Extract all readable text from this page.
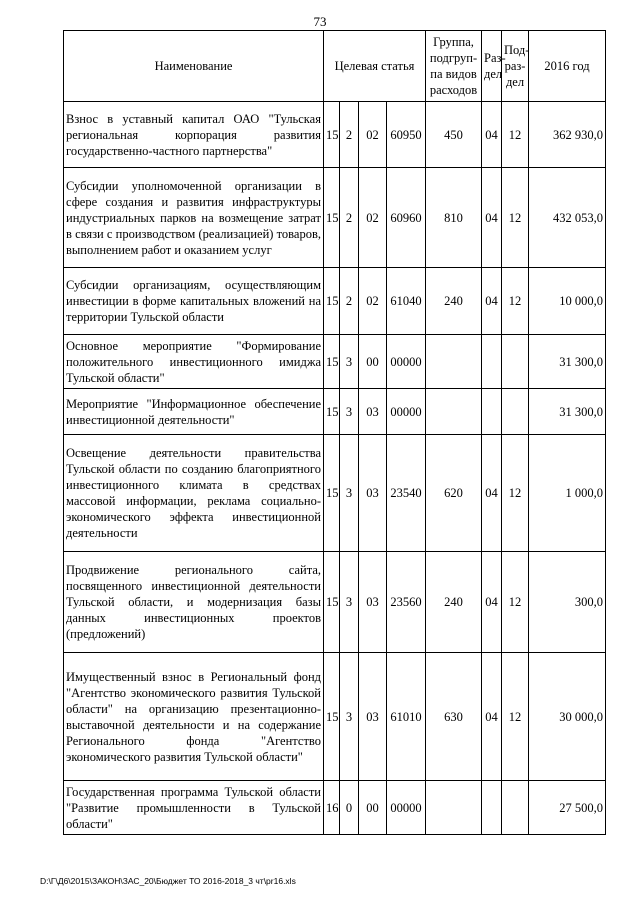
73
Наименование	Целевая статья				Группа, подгруп-па видов расходов	Раз-дел	Под-раз-дел	2016 год
Взнос в уставный капитал ОАО "Тульская региональная корпорация развития государственно-частного партнерства"	15	2	02	60950	450	04	12	362 930,0
Субсидии уполномоченной организации в сфере создания и развития инфраструктуры индустриальных парков на возмещение затрат в связи с производством (реализацией) товаров, выполнением работ и оказанием услуг	15	2	02	60960	810	04	12	432 053,0
Субсидии организациям, осуществляющим инвестиции в форме капитальных вложений на территории Тульской области	15	2	02	61040	240	04	12	10 000,0
Основное мероприятие "Формирование положительного инвестиционного имиджа Тульской области"	15	3	00	00000				31 300,0
Мероприятие "Информационное обеспечение инвестиционной деятельности"	15	3	03	00000				31 300,0
Освещение деятельности правительства Тульской области по созданию благоприятного инвестиционного климата в средствах массовой информации, реклама социально-экономического эффекта инвестиционной деятельности	15	3	03	23540	620	04	12	1 000,0
Продвижение регионального сайта, посвященного инвестиционной деятельности Тульской области, и модернизация базы данных инвестиционных проектов (предложений)	15	3	03	23560	240	04	12	300,0
Имущественный взнос в Региональный фонд "Агентство экономического развития Тульской области" на организацию презентационно-выставочной деятельности и на содержание Регионального фонда "Агентство экономического развития Тульской области"	15	3	03	61010	630	04	12	30 000,0
Государственная программа Тульской области "Развитие промышленности в Тульской области"	16	0	00	00000				27 500,0
D:\Г\Д6\2015\ЗАКОН\ЗАС_20\Бюджет ТО 2016-2018_3 чт\pr16.xls
